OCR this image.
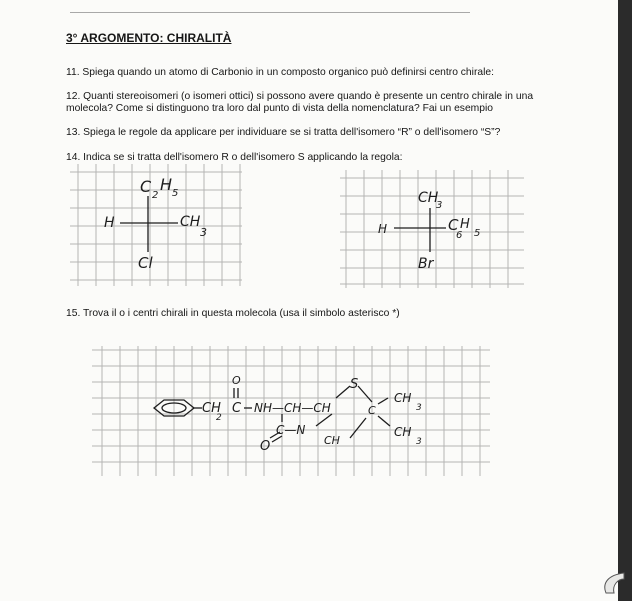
3° ARGOMENTO: CHIRALITÀ
11. Spiega quando un atomo di Carbonio in un composto organico può definirsi centro chirale:
12. Quanti stereoisomeri (o isomeri ottici) si possono avere quando è presente un centro chirale in una molecola? Come si distinguono tra loro dal punto di vista della nomenclatura? Fai un esempio
13. Spiega le regole da applicare per individuare se si tratta dell'isomero “R” o dell'isomero “S”?
14. Indica se si tratta dell'isomero R o dell'isomero S applicando la regola:
C 2
H 5
H	CH
3
Cl
CH
3
H	C
6
H
5
Br
15. Trova il o i centri chirali in questa molecola (usa il simbolo asterisco *)
CH
2
O
C NH—CH—CH
S
C
CH
3
CH
3
C—N
CH
O
